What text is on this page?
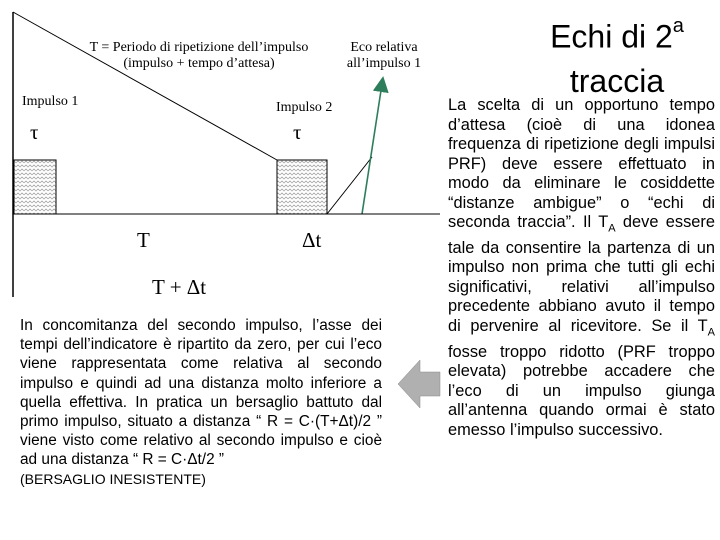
T = Periodo di ripetizione dell’impulso
(impulso + tempo d’attesa)
Eco relativa
all’impulso 1
Impulso 1	Impulso 2
τ	τ
T	Δt
T + Δt
Echi di 2$^a$
traccia
La scelta di un opportuno tempo d’attesa (cioè di una idonea frequenza di ripetizione degli impulsi PRF) deve essere effettuato in modo da eliminare le cosiddette “distanze ambigue” o “echi di seconda traccia”. Il $T_A$ deve essere tale da consentire la partenza di un impulso non prima che tutti gli echi significativi, relativi all’impulso precedente abbiano avuto il tempo di pervenire al ricevitore. Se il $T_A$ fosse troppo ridotto (PRF troppo elevata) potrebbe accadere che l’eco di un impulso giunga all’antenna quando ormai è stato emesso l’impulso successivo.
In concomitanza del secondo impulso, l’asse dei tempi dell’indicatore è ripartito da zero, per cui l’eco viene rappresentata come relativa al secondo impulso e quindi ad una distanza molto inferiore a quella effettiva. In pratica un bersaglio battuto dal primo impulso, situato a distanza “ R = C·(T+Δt)/2 ” viene visto come relativo al secondo impulso e cioè ad una distanza “ R = C·Δt/2 ”
(BERSAGLIO INESISTENTE)
